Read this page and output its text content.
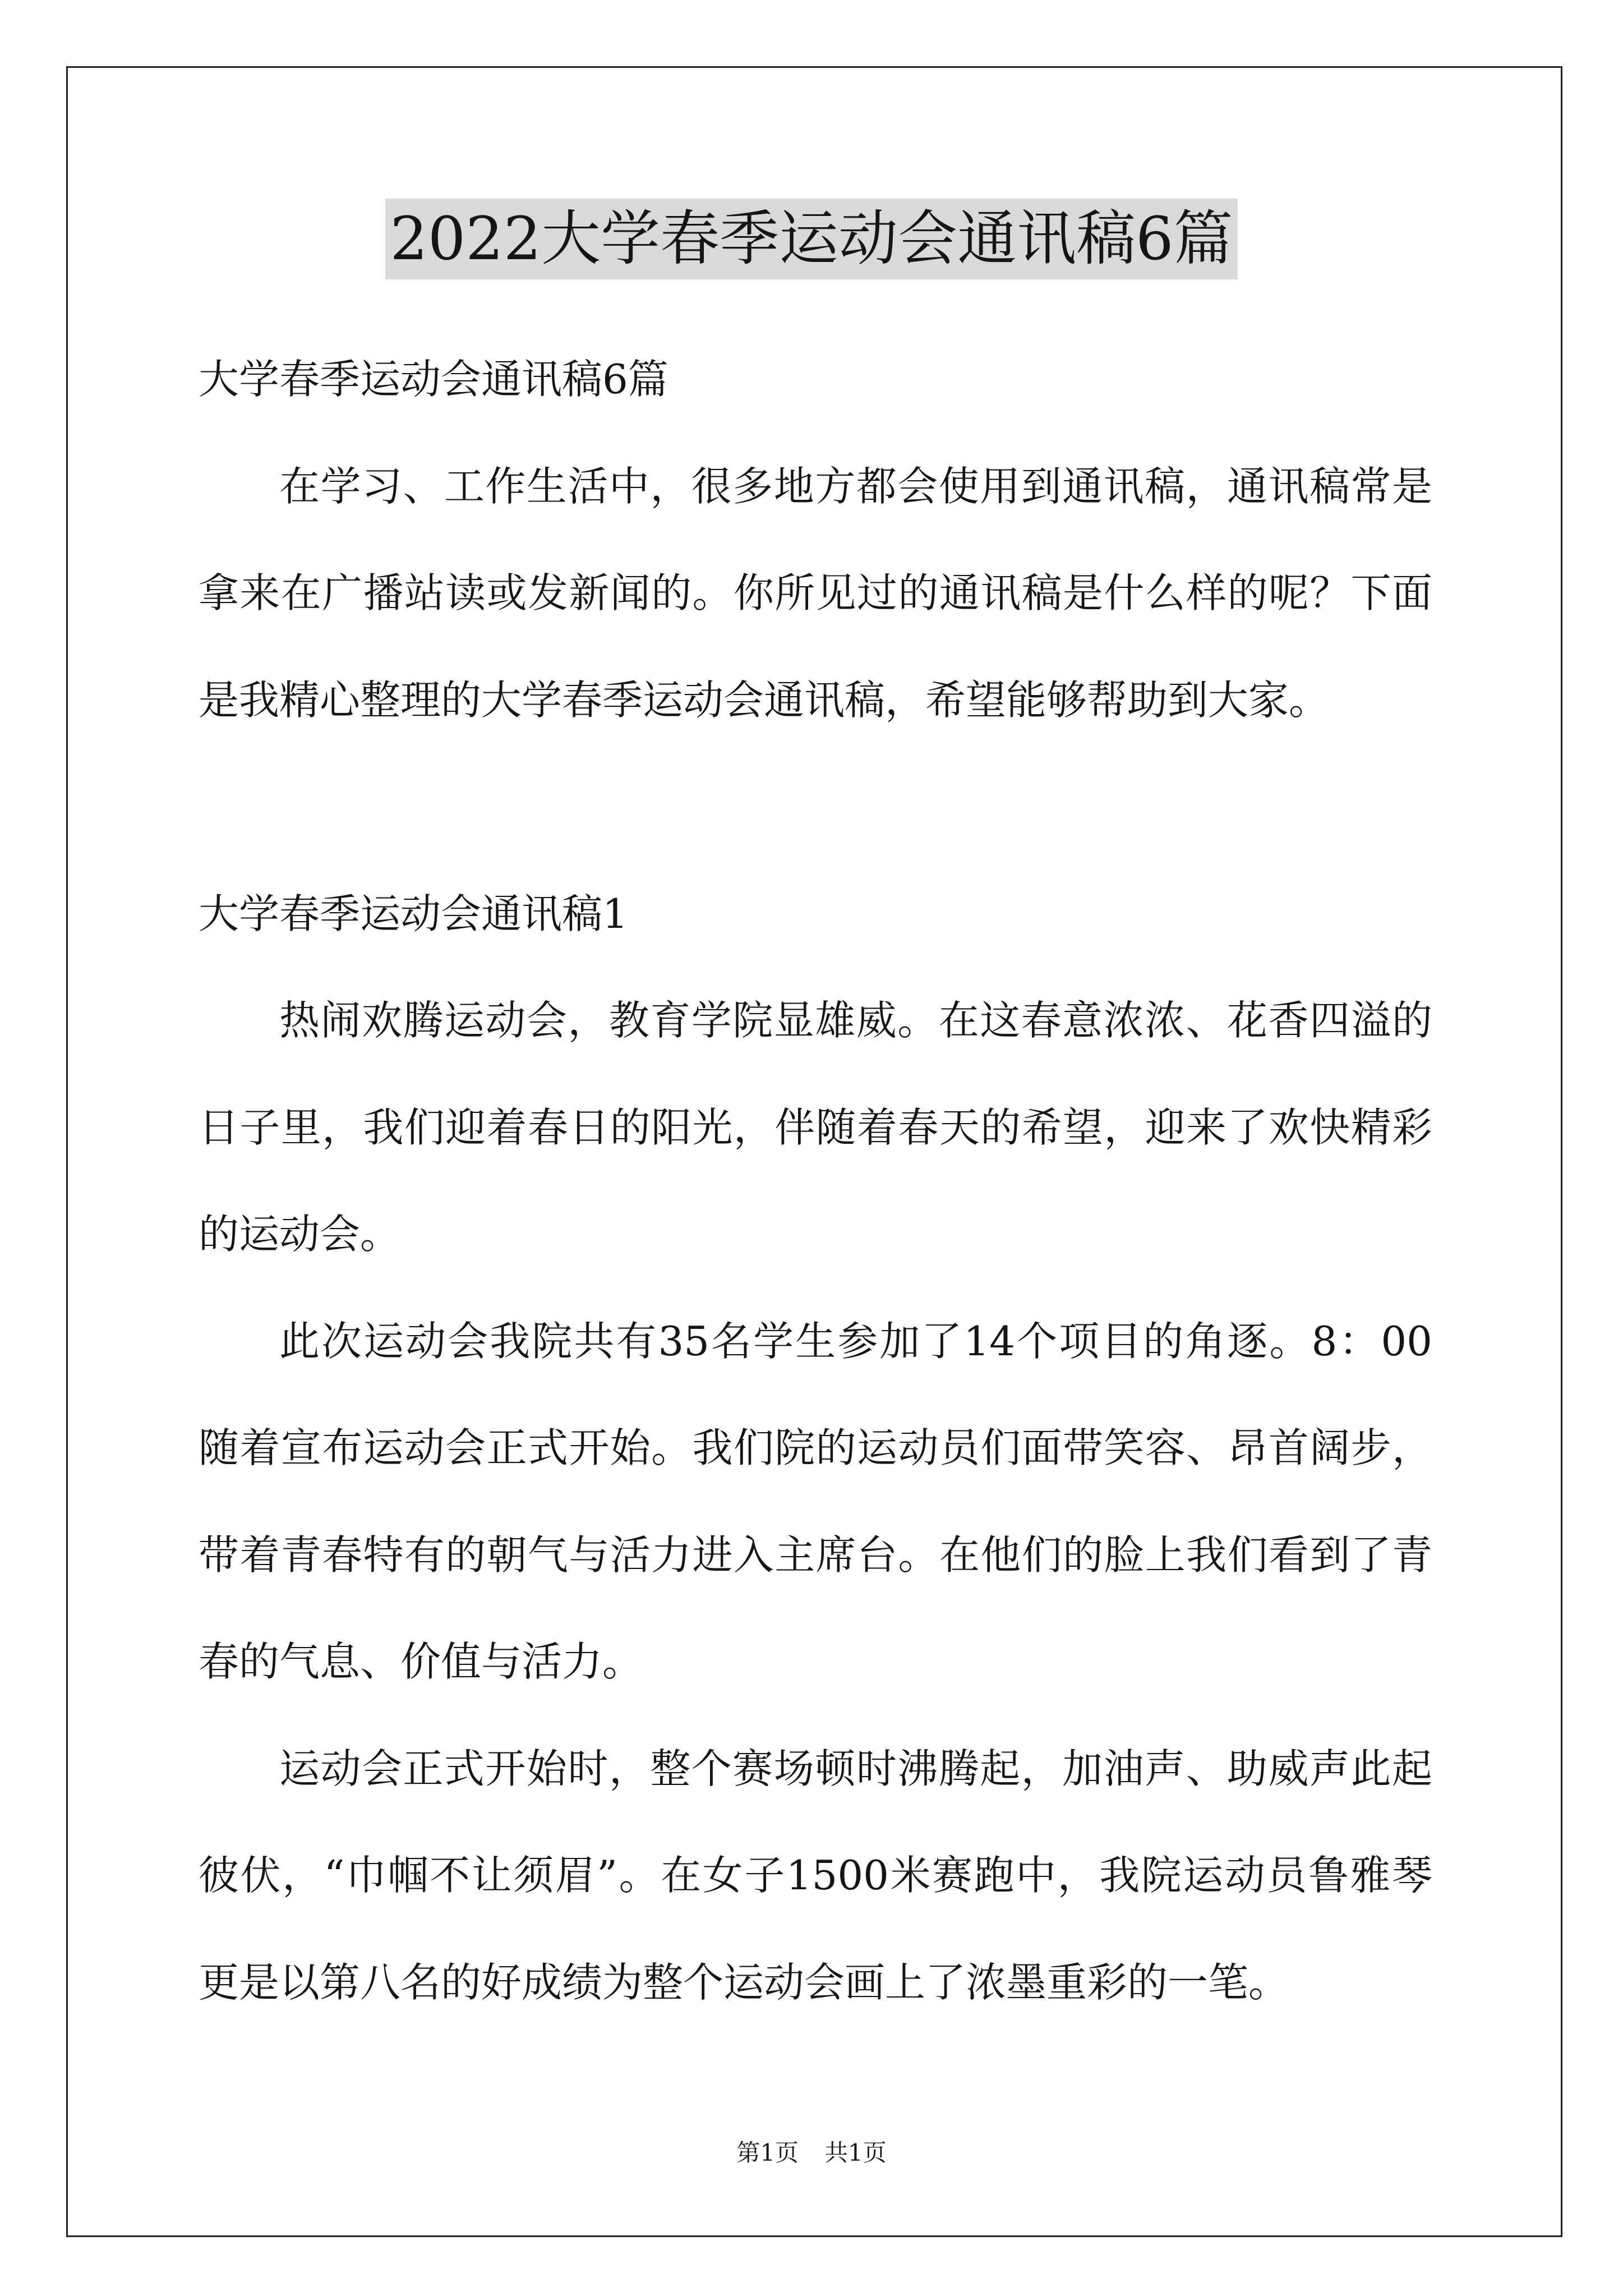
2022大学春季运动会通讯稿6篇
大学春季运动会通讯稿6篇
在学习、工作生活中，很多地方都会使用到通讯稿，通讯稿常是
拿来在广播站读或发新闻的。你所见过的通讯稿是什么样的呢？下面
是我精心整理的大学春季运动会通讯稿，希望能够帮助到大家。
大学春季运动会通讯稿1
热闹欢腾运动会，教育学院显雄威。在这春意浓浓、花香四溢的
日子里，我们迎着春日的阳光，伴随着春天的希望，迎来了欢快精彩
的运动会。
此次运动会我院共有35名学生参加了14个项目的角逐。8：00
随着宣布运动会正式开始。我们院的运动员们面带笑容、昂首阔步，
带着青春特有的朝气与活力进入主席台。在他们的脸上我们看到了青
春的气息、价值与活力。
运动会正式开始时，整个赛场顿时沸腾起，加油声、助威声此起
彼伏，“巾帼不让须眉”。在女子1500米赛跑中，我院运动员鲁雅琴
更是以第八名的好成绩为整个运动会画上了浓墨重彩的一笔。
第1页 共1页
